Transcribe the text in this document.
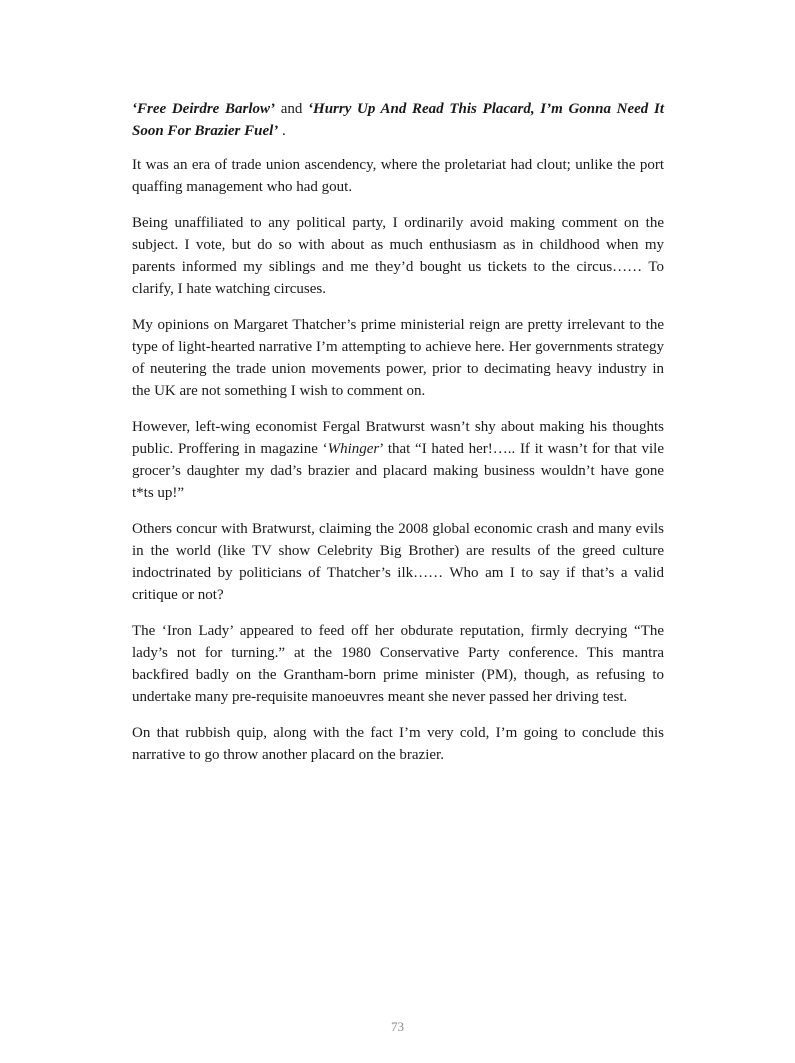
‘Free Deirdre Barlow’ and ‘Hurry Up And Read This Placard, I’m Gonna Need It Soon For Brazier Fuel’ .

It was an era of trade union ascendency, where the proletariat had clout; unlike the port quaffing management who had gout.

Being unaffiliated to any political party, I ordinarily avoid making comment on the subject. I vote, but do so with about as much enthusiasm as in childhood when my parents informed my siblings and me they’d bought us tickets to the circus…… To clarify, I hate watching circuses.

My opinions on Margaret Thatcher’s prime ministerial reign are pretty irrelevant to the type of light-hearted narrative I’m attempting to achieve here. Her governments strategy of neutering the trade union movements power, prior to decimating heavy industry in the UK are not something I wish to comment on.

However, left-wing economist Fergal Bratwurst wasn’t shy about making his thoughts public. Proffering in magazine ‘Whinger’ that “I hated her!….. If it wasn’t for that vile grocer’s daughter my dad’s brazier and placard making business wouldn’t have gone t*ts up!”

Others concur with Bratwurst, claiming the 2008 global economic crash and many evils in the world (like TV show Celebrity Big Brother) are results of the greed culture indoctrinated by politicians of Thatcher’s ilk…… Who am I to say if that’s a valid critique or not?

The ‘Iron Lady’ appeared to feed off her obdurate reputation, firmly decrying “The lady’s not for turning.” at the 1980 Conservative Party conference. This mantra backfired badly on the Grantham-born prime minister (PM), though, as refusing to undertake many pre-requisite manoeuvres meant she never passed her driving test.

On that rubbish quip, along with the fact I’m very cold, I’m going to conclude this narrative to go throw another placard on the brazier.

73
